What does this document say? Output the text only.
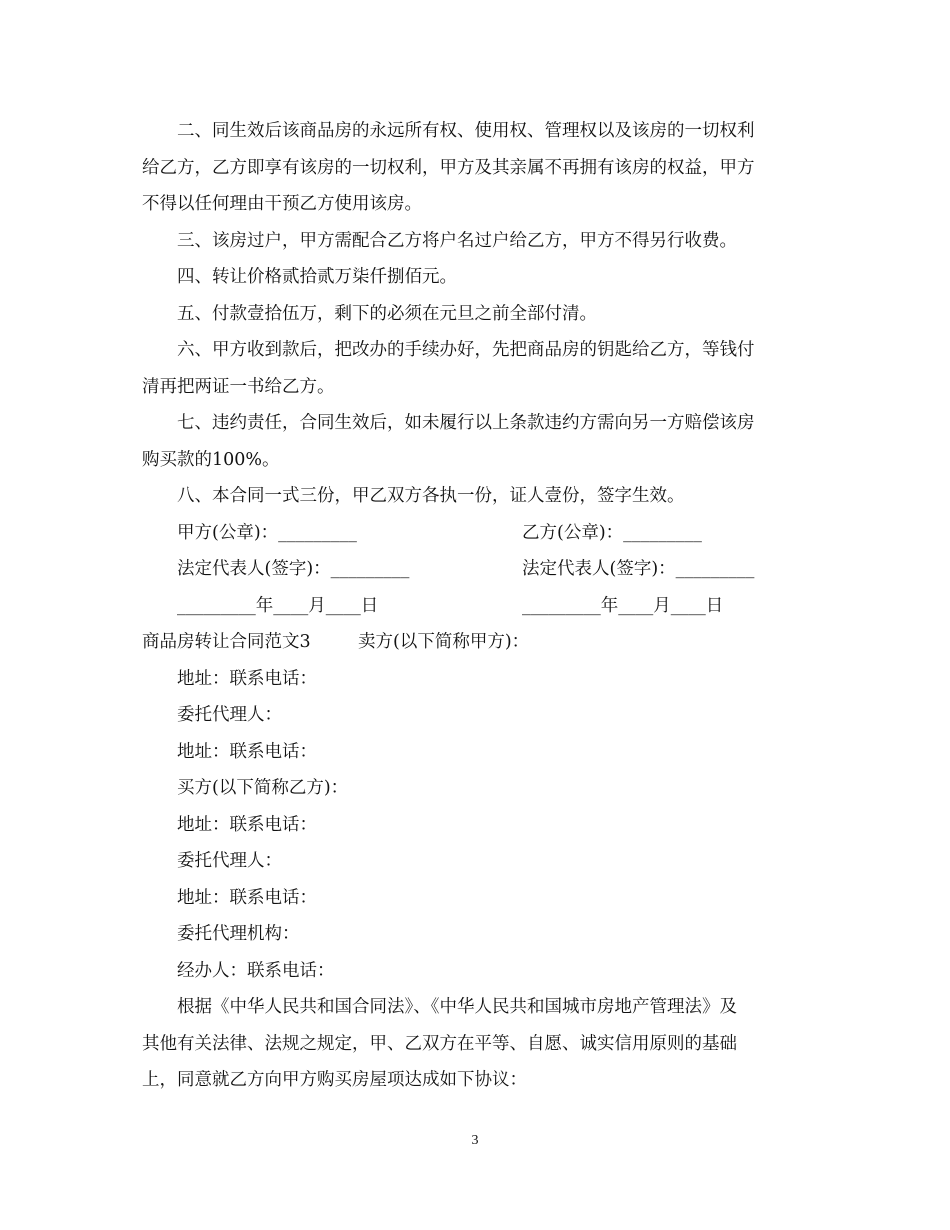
二、同生效后该商品房的永远所有权、使用权、管理权以及该房的一切权利

给乙方，乙方即享有该房的一切权利，甲方及其亲属不再拥有该房的权益，甲方

不得以任何理由干预乙方使用该房。

三、该房过户，甲方需配合乙方将户名过户给乙方，甲方不得另行收费。

四、转让价格贰拾贰万柒仟捌佰元。

五、付款壹拾伍万，剩下的必须在元旦之前全部付清。

六、甲方收到款后，把改办的手续办好，先把商品房的钥匙给乙方，等钱付

清再把两证一书给乙方。

七、违约责任，合同生效后，如未履行以上条款违约方需向另一方赔偿该房

购买款的100%。

八、本合同一式三份，甲乙双方各执一份，证人壹份，签字生效。

甲方(公章)：_________	乙方(公章)：_________
法定代表人(签字)：_________	法定代表人(签字)：_________
_________年____月____日	_________年____月____日
商品房转让合同范文3	卖方(以下简称甲方)：

地址：联系电话：

委托代理人：

地址：联系电话：

买方(以下简称乙方)：

地址：联系电话：

委托代理人：

地址：联系电话：

委托代理机构：

经办人：联系电话：

根据《中华人民共和国合同法》、《中华人民共和国城市房地产管理法》及

其他有关法律、法规之规定，甲、乙双方在平等、自愿、诚实信用原则的基础

上，同意就乙方向甲方购买房屋项达成如下协议：

3
